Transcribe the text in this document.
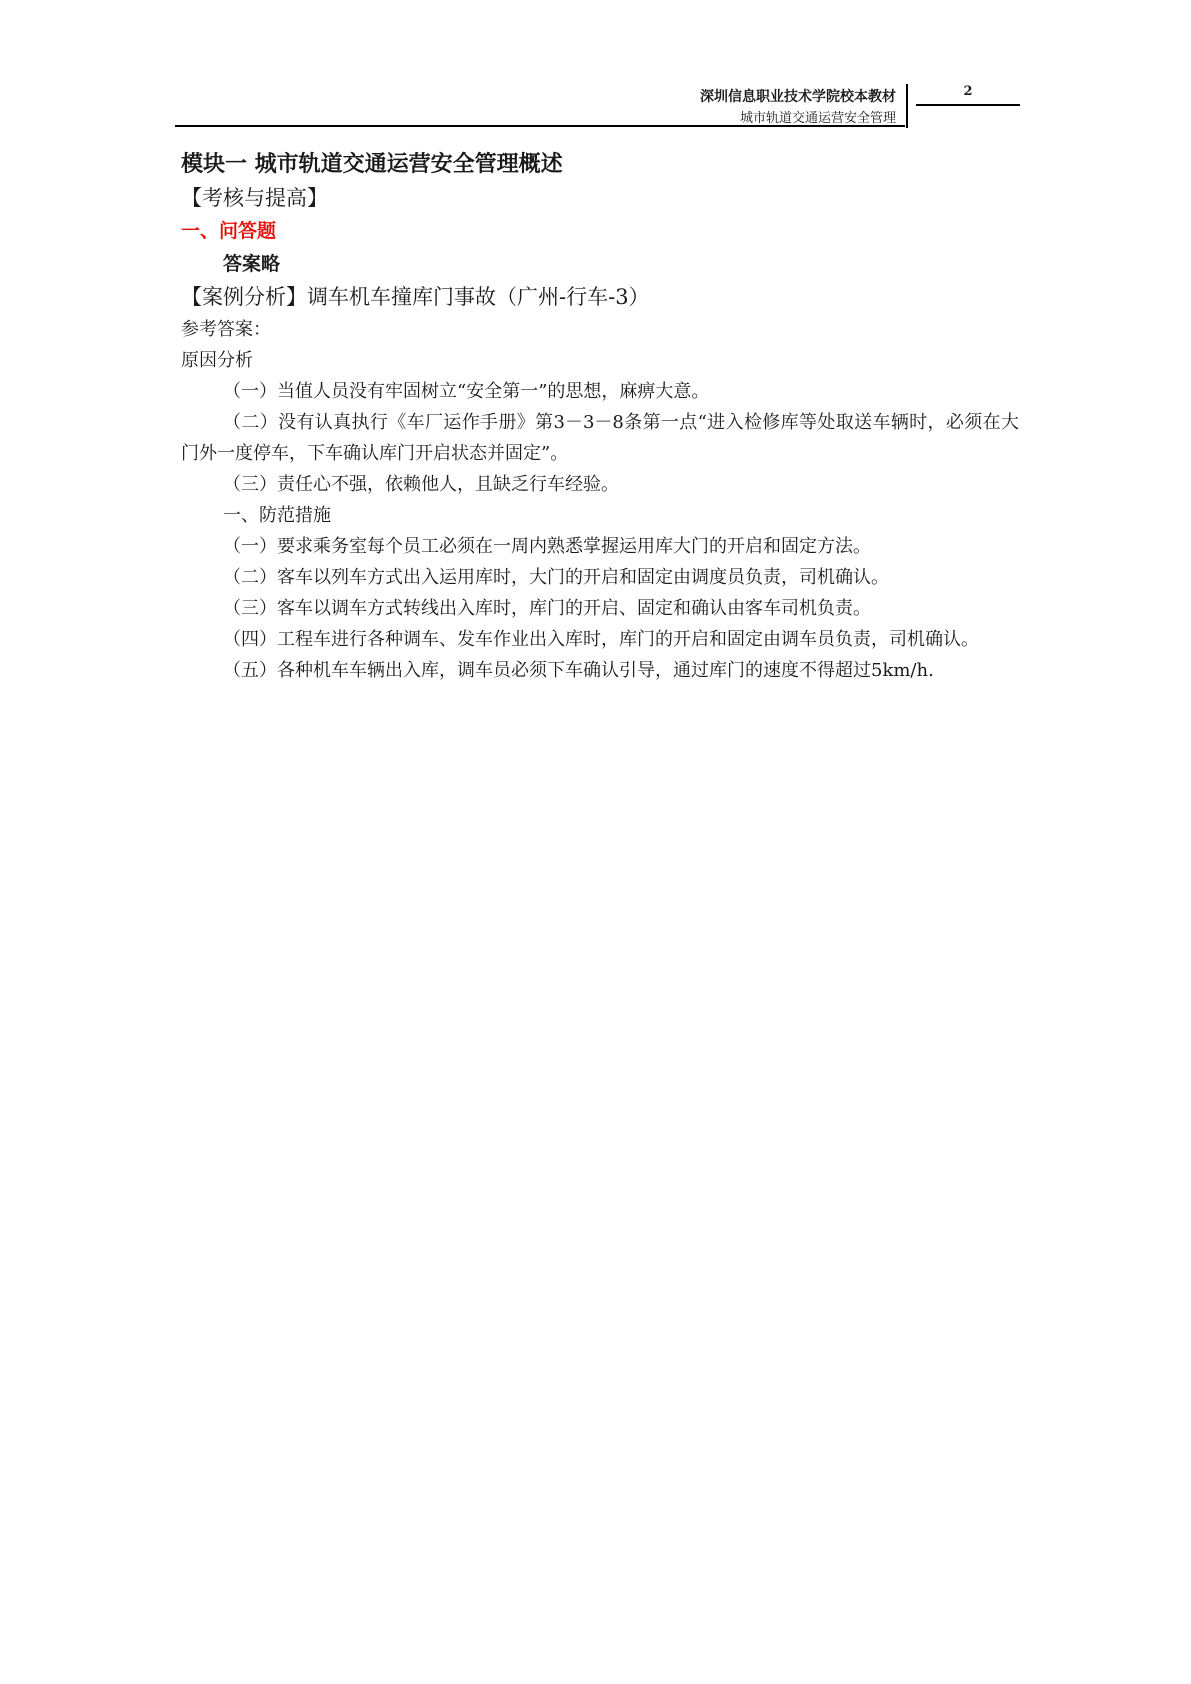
深圳信息职业技术学院校本教材
城市轨道交通运营安全管理
2

模块一 城市轨道交通运营安全管理概述

【考核与提高】

一、问答题

答案略

【案例分析】调车机车撞库门事故（广州-行车-3）

参考答案：

原因分析

（一）当值人员没有牢固树立“安全第一”的思想，麻痹大意。

（二）没有认真执行《车厂运作手册》第3－3－8条第一点“进入检修库等处取送车辆时，必须在大门外一度停车，下车确认库门开启状态并固定”。

（三）责任心不强，依赖他人，且缺乏行车经验。

一、防范措施

（一）要求乘务室每个员工必须在一周内熟悉掌握运用库大门的开启和固定方法。

（二）客车以列车方式出入运用库时，大门的开启和固定由调度员负责，司机确认。

（三）客车以调车方式转线出入库时，库门的开启、固定和确认由客车司机负责。

（四）工程车进行各种调车、发车作业出入库时，库门的开启和固定由调车员负责，司机确认。

（五）各种机车车辆出入库，调车员必须下车确认引导，通过库门的速度不得超过5km/h.
